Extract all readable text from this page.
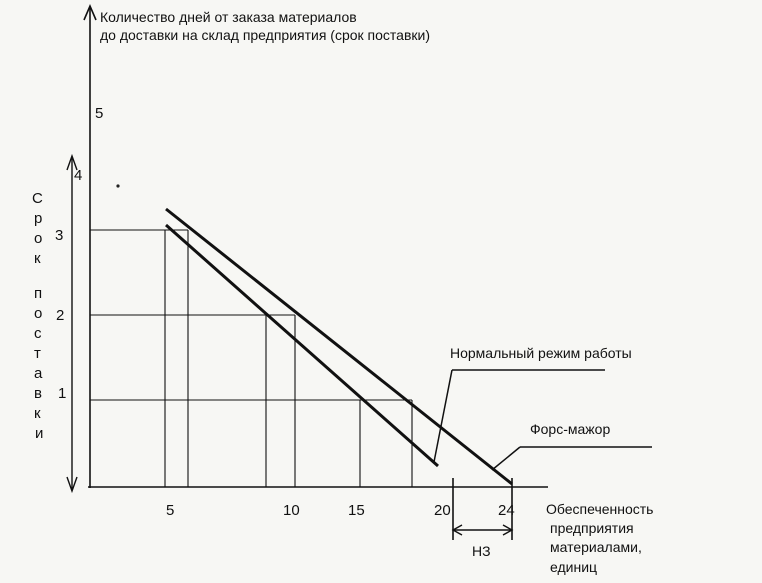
Количество дней от заказа материалов
до доставки на склад предприятия (срок поставки)
5
4
3
2
1
С
р
о
к
п
о
с
т
а
в
к
и
Нормальный режим работы
Форс-мажор
НЗ
5	10	15	20	24 Обеспеченность
предприятия
материалами,
единиц
